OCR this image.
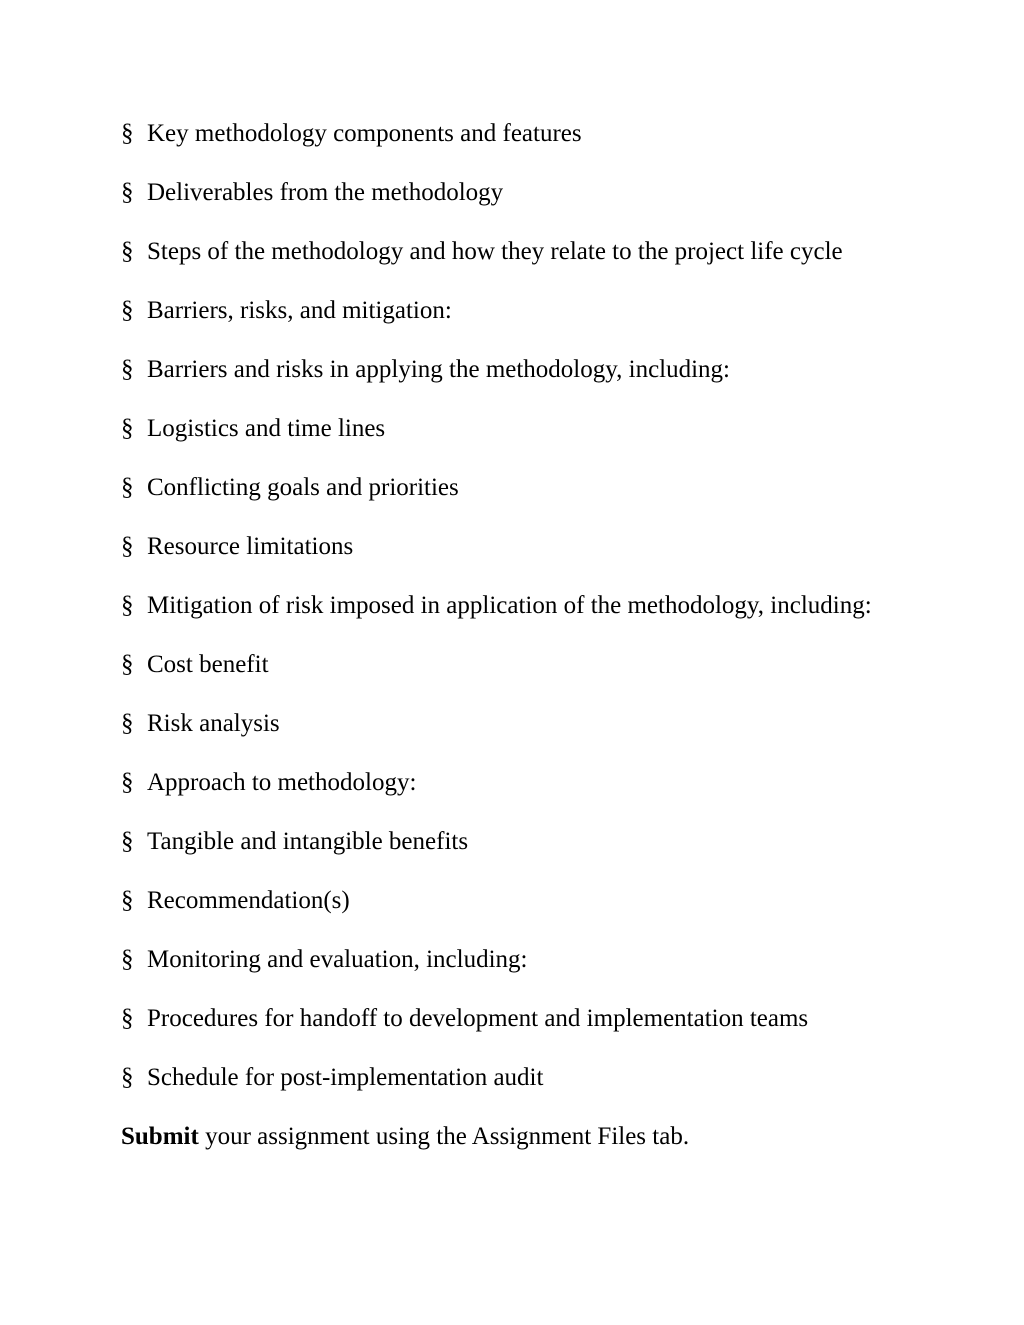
§ Key methodology components and features

§ Deliverables from the methodology

§ Steps of the methodology and how they relate to the project life cycle

§ Barriers, risks, and mitigation:

§ Barriers and risks in applying the methodology, including:

§ Logistics and time lines

§ Conflicting goals and priorities

§ Resource limitations

§ Mitigation of risk imposed in application of the methodology, including:

§ Cost benefit

§ Risk analysis

§ Approach to methodology:

§ Tangible and intangible benefits

§ Recommendation(s)

§ Monitoring and evaluation, including:

§ Procedures for handoff to development and implementation teams

§ Schedule for post-implementation audit

Submit your assignment using the Assignment Files tab.
